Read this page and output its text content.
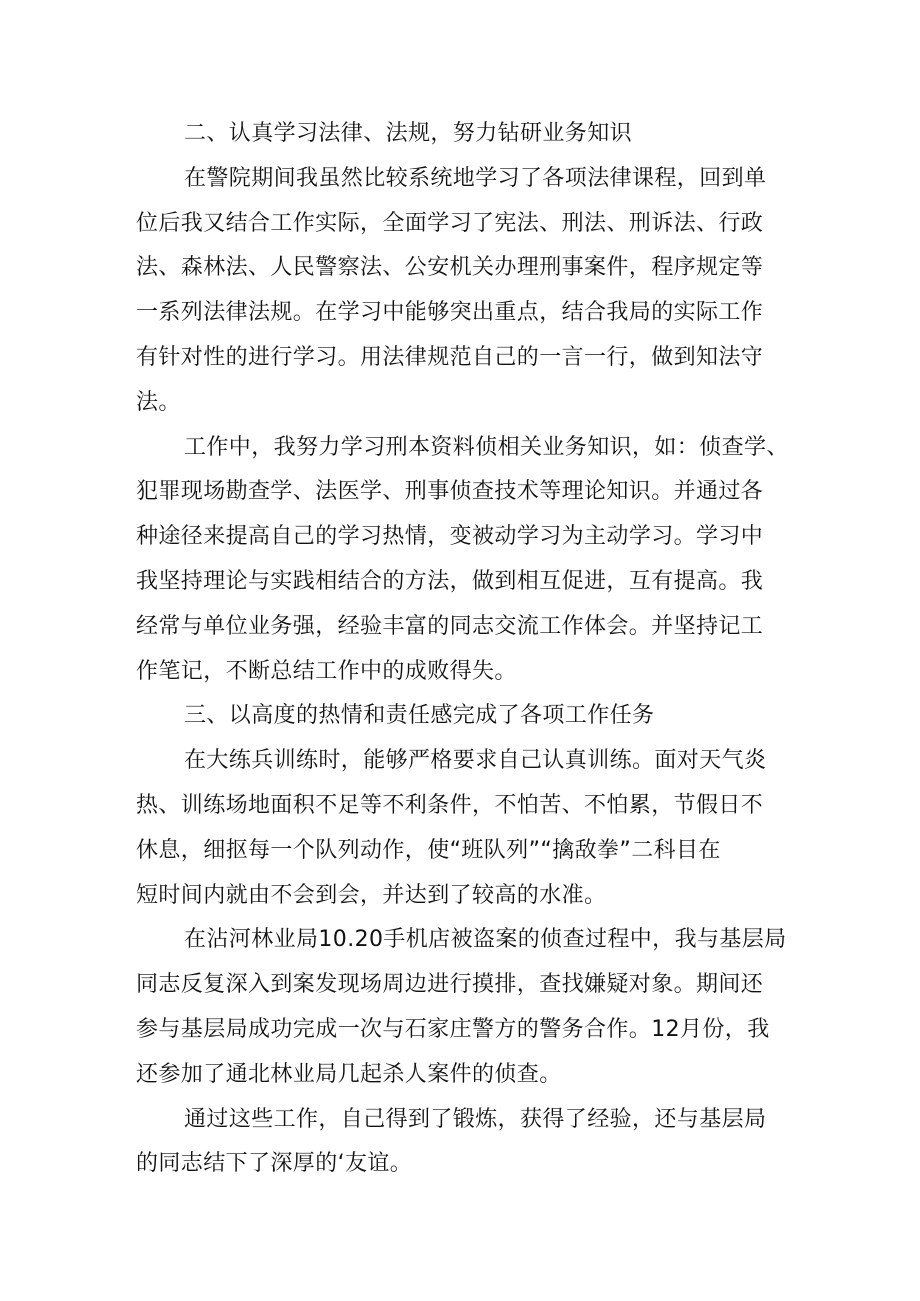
二、认真学习法律、法规，努力钻研业务知识
在警院期间我虽然比较系统地学习了各项法律课程，回到单
位后我又结合工作实际，全面学习了宪法、刑法、刑诉法、行政
法、森林法、人民警察法、公安机关办理刑事案件，程序规定等
一系列法律法规。在学习中能够突出重点，结合我局的实际工作
有针对性的进行学习。用法律规范自己的一言一行，做到知法守
法。
工作中，我努力学习刑本资料侦相关业务知识，如：侦查学、
犯罪现场勘查学、法医学、刑事侦查技术等理论知识。并通过各
种途径来提高自己的学习热情，变被动学习为主动学习。学习中
我坚持理论与实践相结合的方法，做到相互促进，互有提高。我
经常与单位业务强，经验丰富的同志交流工作体会。并坚持记工
作笔记，不断总结工作中的成败得失。
三、以高度的热情和责任感完成了各项工作任务
在大练兵训练时，能够严格要求自己认真训练。面对天气炎
热、训练场地面积不足等不利条件，不怕苦、不怕累，节假日不
休息，细抠每一个队列动作，使“班队列”“擒敌拳”二科目在
短时间内就由不会到会，并达到了较高的水准。
在沾河林业局10.20手机店被盗案的侦查过程中，我与基层局
同志反复深入到案发现场周边进行摸排，查找嫌疑对象。期间还
参与基层局成功完成一次与石家庄警方的警务合作。12月份，我
还参加了通北林业局几起杀人案件的侦查。
通过这些工作，自己得到了锻炼，获得了经验，还与基层局
的同志结下了深厚的‘友谊。
